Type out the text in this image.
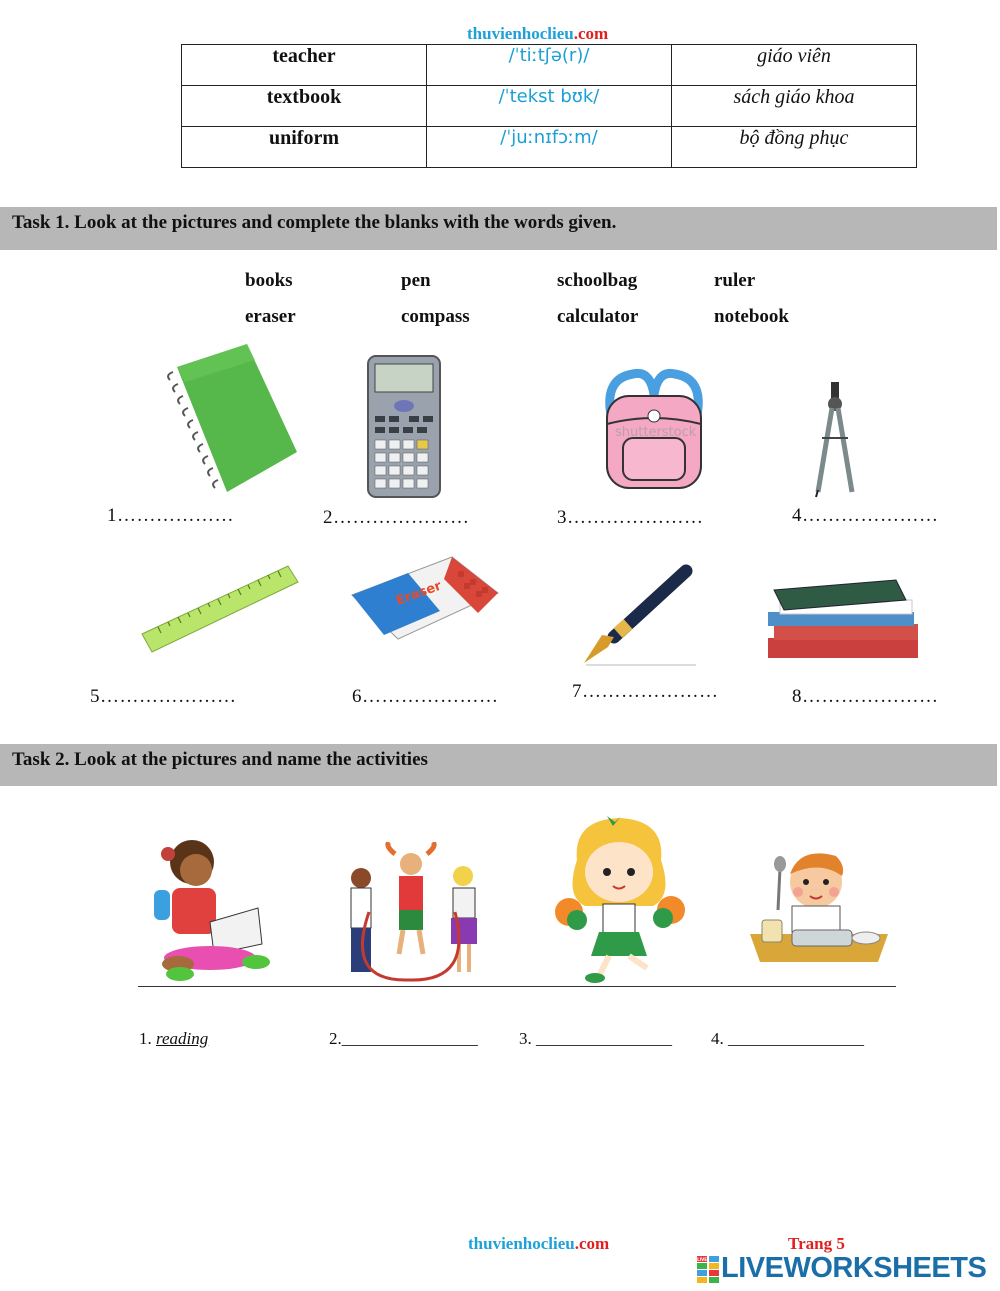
thuvienhoclieu.com
teacher	/ˈtiːtʃə(r)/	giáo viên
textbook	/ˈtekst bʊk/	sách giáo khoa
uniform	/ˈjuːnɪfɔːm/	bộ đồng phục
Task 1. Look at the pictures and complete the blanks with the words given.
books	pen	schoolbag	ruler
eraser	compass	calculator	notebook
shutterstock
1………………	2…………………	3…………………	4…………………
Eraser
5…………………	6…………………	7…………………	8…………………
Task 2. Look at the pictures and name the activities
1. reading	2.________________ 3. ________________ 4. ________________
thuvienhoclieu.com	Trang 5
LIVE LIVEWORKSHEETS
